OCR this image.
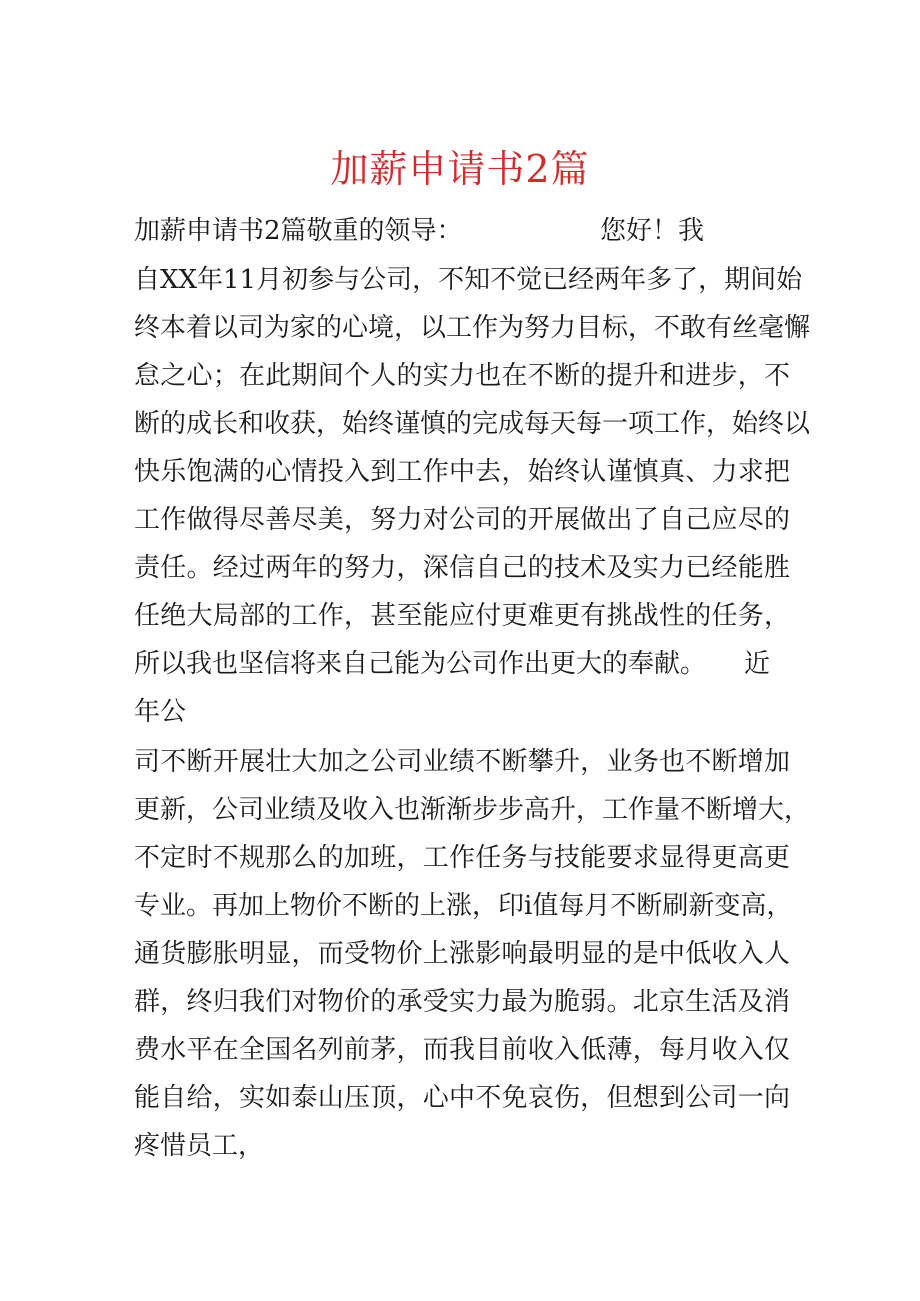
加薪申请书2篇

加薪申请书2篇敬重的领导：	您好！我

自XX年11月初参与公司，不知不觉已经两年多了，期间始

终本着以司为家的心境，以工作为努力目标，不敢有丝毫懈

怠之心；在此期间个人的实力也在不断的提升和进步，不

断的成长和收获，始终谨慎的完成每天每一项工作，始终以

快乐饱满的心情投入到工作中去，始终认谨慎真、力求把

工作做得尽善尽美，努力对公司的开展做出了自己应尽的

责任。经过两年的努力，深信自己的技术及实力已经能胜

任绝大局部的工作，甚至能应付更难更有挑战性的任务，

所以我也坚信将来自己能为公司作出更大的奉献。 近

年公

司不断开展壮大加之公司业绩不断攀升，业务也不断增加

更新，公司业绩及收入也渐渐步步高升，工作量不断增大，

不定时不规那么的加班，工作任务与技能要求显得更高更

专业。再加上物价不断的上涨，印i值每月不断刷新变高，

通货膨胀明显，而受物价上涨影响最明显的是中低收入人

群，终归我们对物价的承受实力最为脆弱。北京生活及消

费水平在全国名列前茅，而我目前收入低薄，每月收入仅

能自给，实如泰山压顶，心中不免哀伤，但想到公司一向

疼惜员工，
